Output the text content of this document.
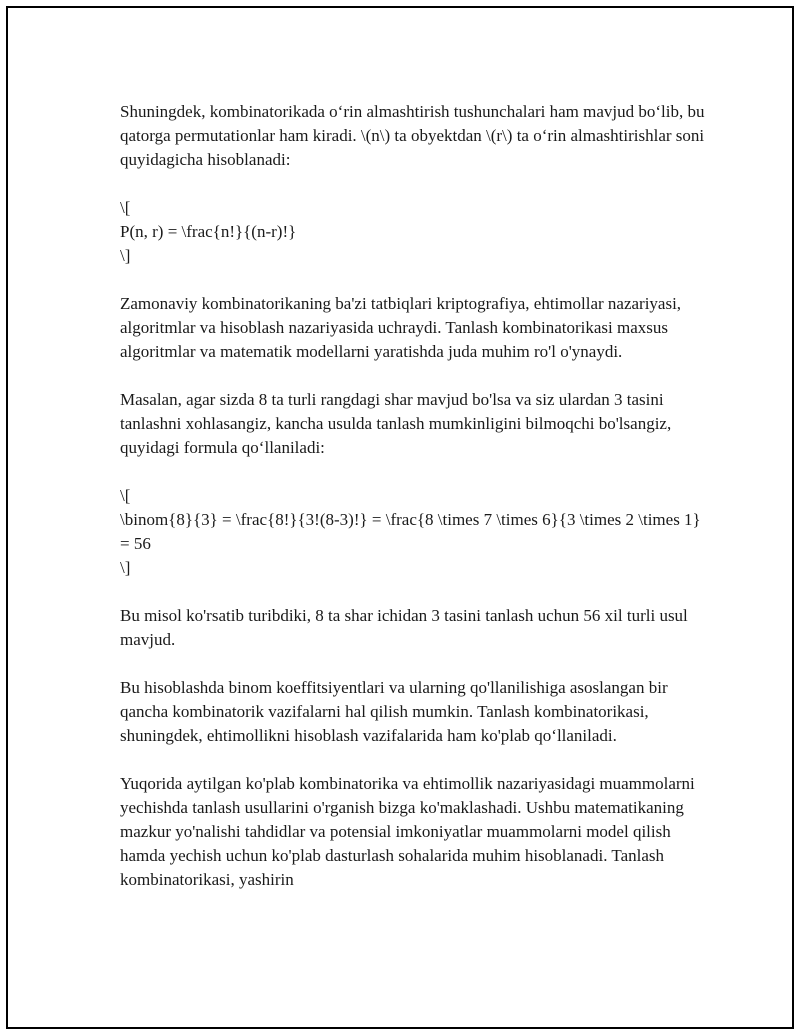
Shuningdek, kombinatorikada o‘rin almashtirish tushunchalari ham mavjud bo‘lib, bu qatorga permutationlar ham kiradi. \(n\) ta obyektdan \(r\) ta o‘rin almashtirishlar soni quyidagicha hisoblanadi:

\[
P(n, r) = \frac{n!}{(n-r)!}
\]

Zamonaviy kombinatorikaning ba'zi tatbiqlari kriptografiya, ehtimollar nazariyasi, algoritmlar va hisoblash nazariyasida uchraydi. Tanlash kombinatorikasi maxsus algoritmlar va matematik modellarni yaratishda juda muhim ro'l o'ynaydi.

Masalan, agar sizda 8 ta turli rangdagi shar mavjud bo'lsa va siz ulardan 3 tasini tanlashni xohlasangiz, kancha usulda tanlash mumkinligini bilmoqchi bo'lsangiz, quyidagi formula qo‘llaniladi:

\[
\binom{8}{3} = \frac{8!}{3!(8-3)!} = \frac{8 \times 7 \times 6}{3 \times 2 \times 1} = 56
\]

Bu misol ko'rsatib turibdiki, 8 ta shar ichidan 3 tasini tanlash uchun 56 xil turli usul mavjud.

Bu hisoblashda binom koeffitsiyentlari va ularning qo'llanilishiga asoslangan bir qancha kombinatorik vazifalarni hal qilish mumkin. Tanlash kombinatorikasi, shuningdek, ehtimollikni hisoblash vazifalarida ham ko'plab qo‘llaniladi.

Yuqorida aytilgan ko'plab kombinatorika va ehtimollik nazariyasidagi muammolarni yechishda tanlash usullarini o'rganish bizga ko'maklashadi. Ushbu matematikaning mazkur yo'nalishi tahdidlar va potensial imkoniyatlar muammolarni model qilish hamda yechish uchun ko'plab dasturlash sohalarida muhim hisoblanadi. Tanlash kombinatorikasi, yashirin
